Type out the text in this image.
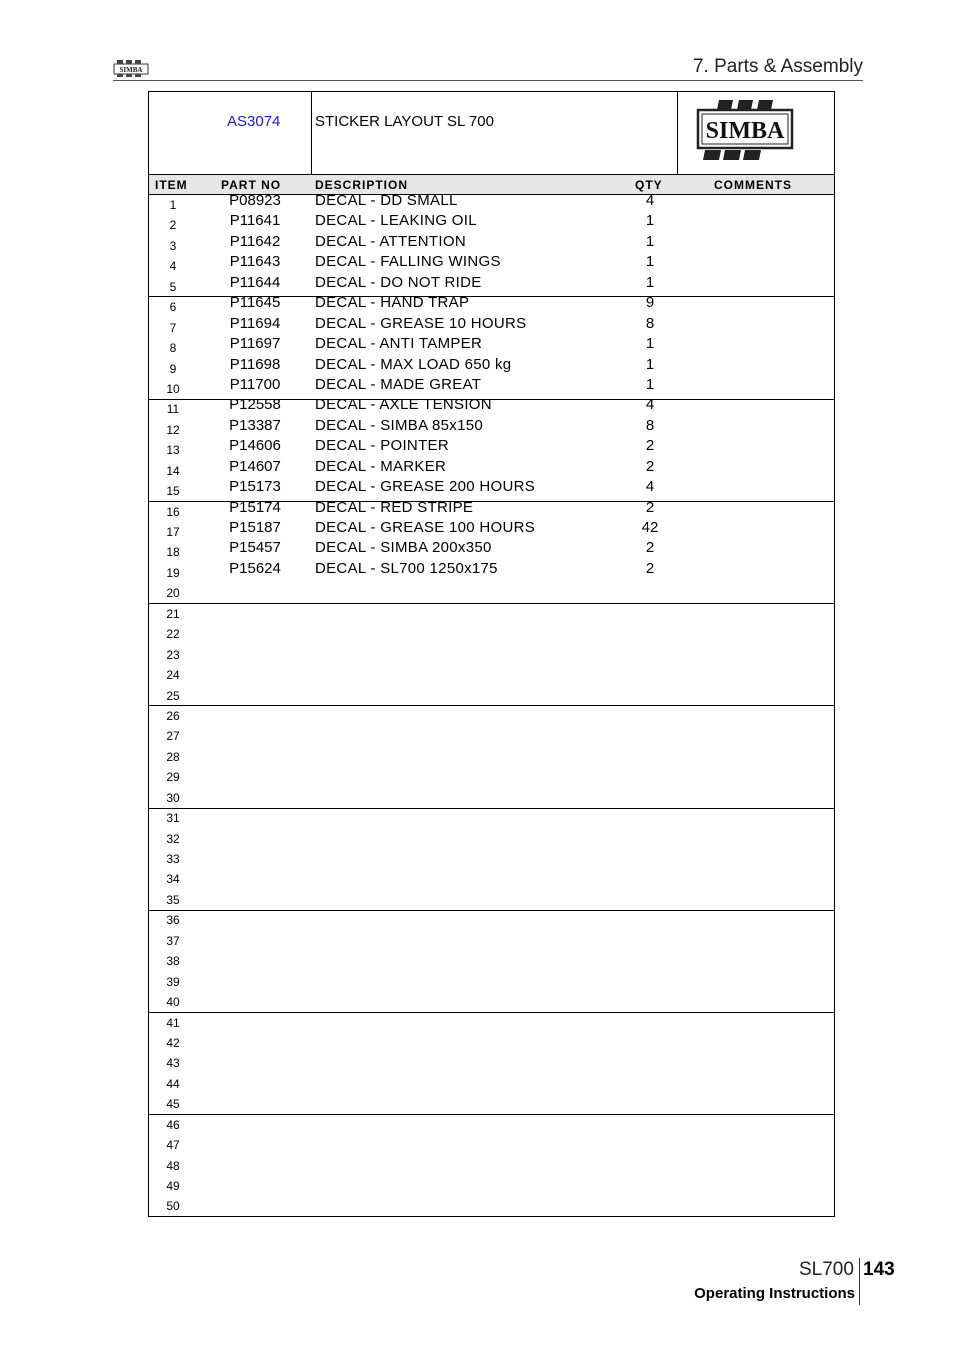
SIMBA	7. Parts & Assembly
AS3074 STICKER LAYOUT SL 700	SIMBA
ITEM	PART NO	DESCRIPTION	QTY	COMMENTS
1	P08923	DECAL - DD SMALL	4
2	P11641	DECAL - LEAKING OIL	1
3	P11642	DECAL - ATTENTION	1
4	P11643	DECAL - FALLING WINGS	1
5	P11644	DECAL - DO NOT RIDE	1
6	P11645	DECAL - HAND TRAP	9
7	P11694	DECAL - GREASE 10 HOURS	8
8	P11697	DECAL - ANTI TAMPER	1
9	P11698	DECAL - MAX LOAD 650 kg	1
10	P11700	DECAL - MADE GREAT	1
11	P12558	DECAL - AXLE TENSION	4
12	P13387	DECAL - SIMBA 85x150	8
13	P14606	DECAL - POINTER	2
14	P14607	DECAL - MARKER	2
15	P15173	DECAL - GREASE 200 HOURS	4
16	P15174	DECAL - RED STRIPE	2
17	P15187	DECAL - GREASE 100 HOURS	42
18	P15457	DECAL - SIMBA 200x350	2
19	P15624	DECAL - SL700 1250x175	2
20
21
22
23
24
25
26
27
28
29
30
31
32
33
34
35
36
37
38
39
40
41
42
43
44
45
46
47
48
49
50
SL700 143
Operating Instructions
